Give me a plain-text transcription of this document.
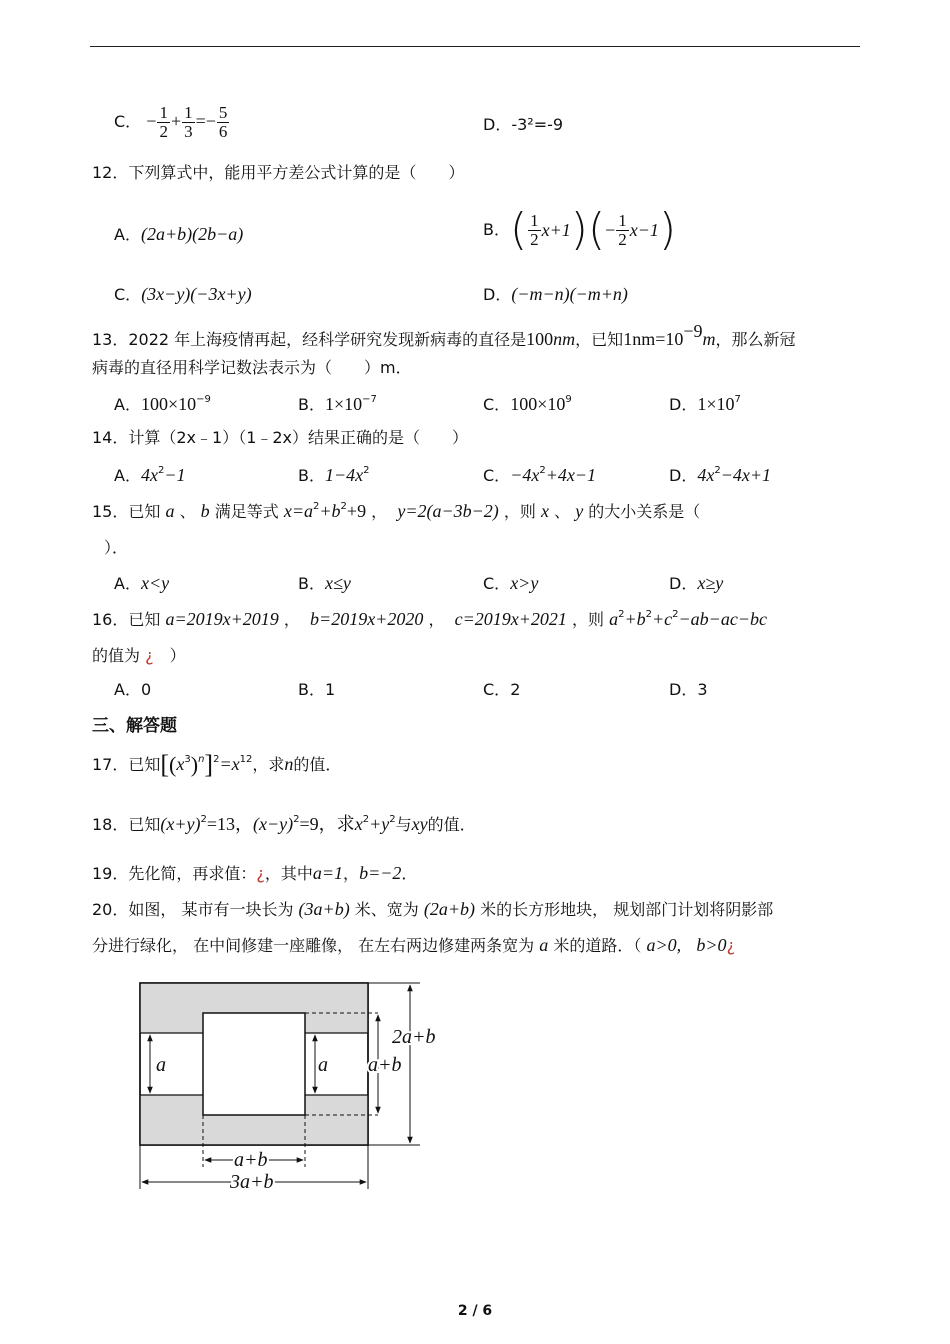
C． − $\frac{1}{2} + \frac{1}{3} =- \frac{5}{6}$	D．-3²=-9
12．下列算式中，能用平方差公式计算的是（　　）
A．(2a+b)(2b−a)	B．( $\frac{1}{2} x+1)(- \frac{1}{2} x-1)$
C．(3x−y)(−3x+y)	D．(−m−n)(−m+n)
13．2022 年上海疫情再起，经科学研究发现新病毒的直径是100nm，已知$1nm=10^{-9}m$，那么新冠
病毒的直径用科学记数法表示为（　　）m．
A．$100\times 10^{-9}$	B．$1\times 10^{-7}$	C．$100\times 10^9$	D．$1\times 10^7$
14．计算（2x﹣1）（1﹣2x）结果正确的是（　　）
A．$4x^2-1$	B．$1-4x^2$	C．$-4x^2+4x-1$	D．$4x^2-4x+1$
15．已知 a 、 b 满足等式 $x=a^2+b^2+9$ ， y=2(a−3b−2) ，则 x 、 y 的大小关系是（
）．
A．x<y	B．x≤y	C．x>y	D．x≥y
16．已知 a=2019x+2019 ， b=2019x+2020 ， c=2019x+2021 ，则 $a^2+b^2+c^2-ab-ac-bc$
的值为 ¿　）
A．0	B．1	C．2	D．3
三、解答题
17．已知$[(x^3)^n]^2=x^{12}$，求n的值．
18．已知$(x+y)^2=13$，$(x-y)^2=9$，求$x^2+y^2$与xy的值．
19．先化简，再求值：¿，其中a=1，b=−2．
20．如图， 某市有一块长为 (3a+b) 米、宽为 (2a+b) 米的长方形地块， 规划部门计划将阴影部
分进行绿化， 在中间修建一座雕像， 在左右两边修建两条宽为 a 米的道路．（ a>0, b>0¿
a	a a+b
2a+b
a+b
3a+b
2 / 6
